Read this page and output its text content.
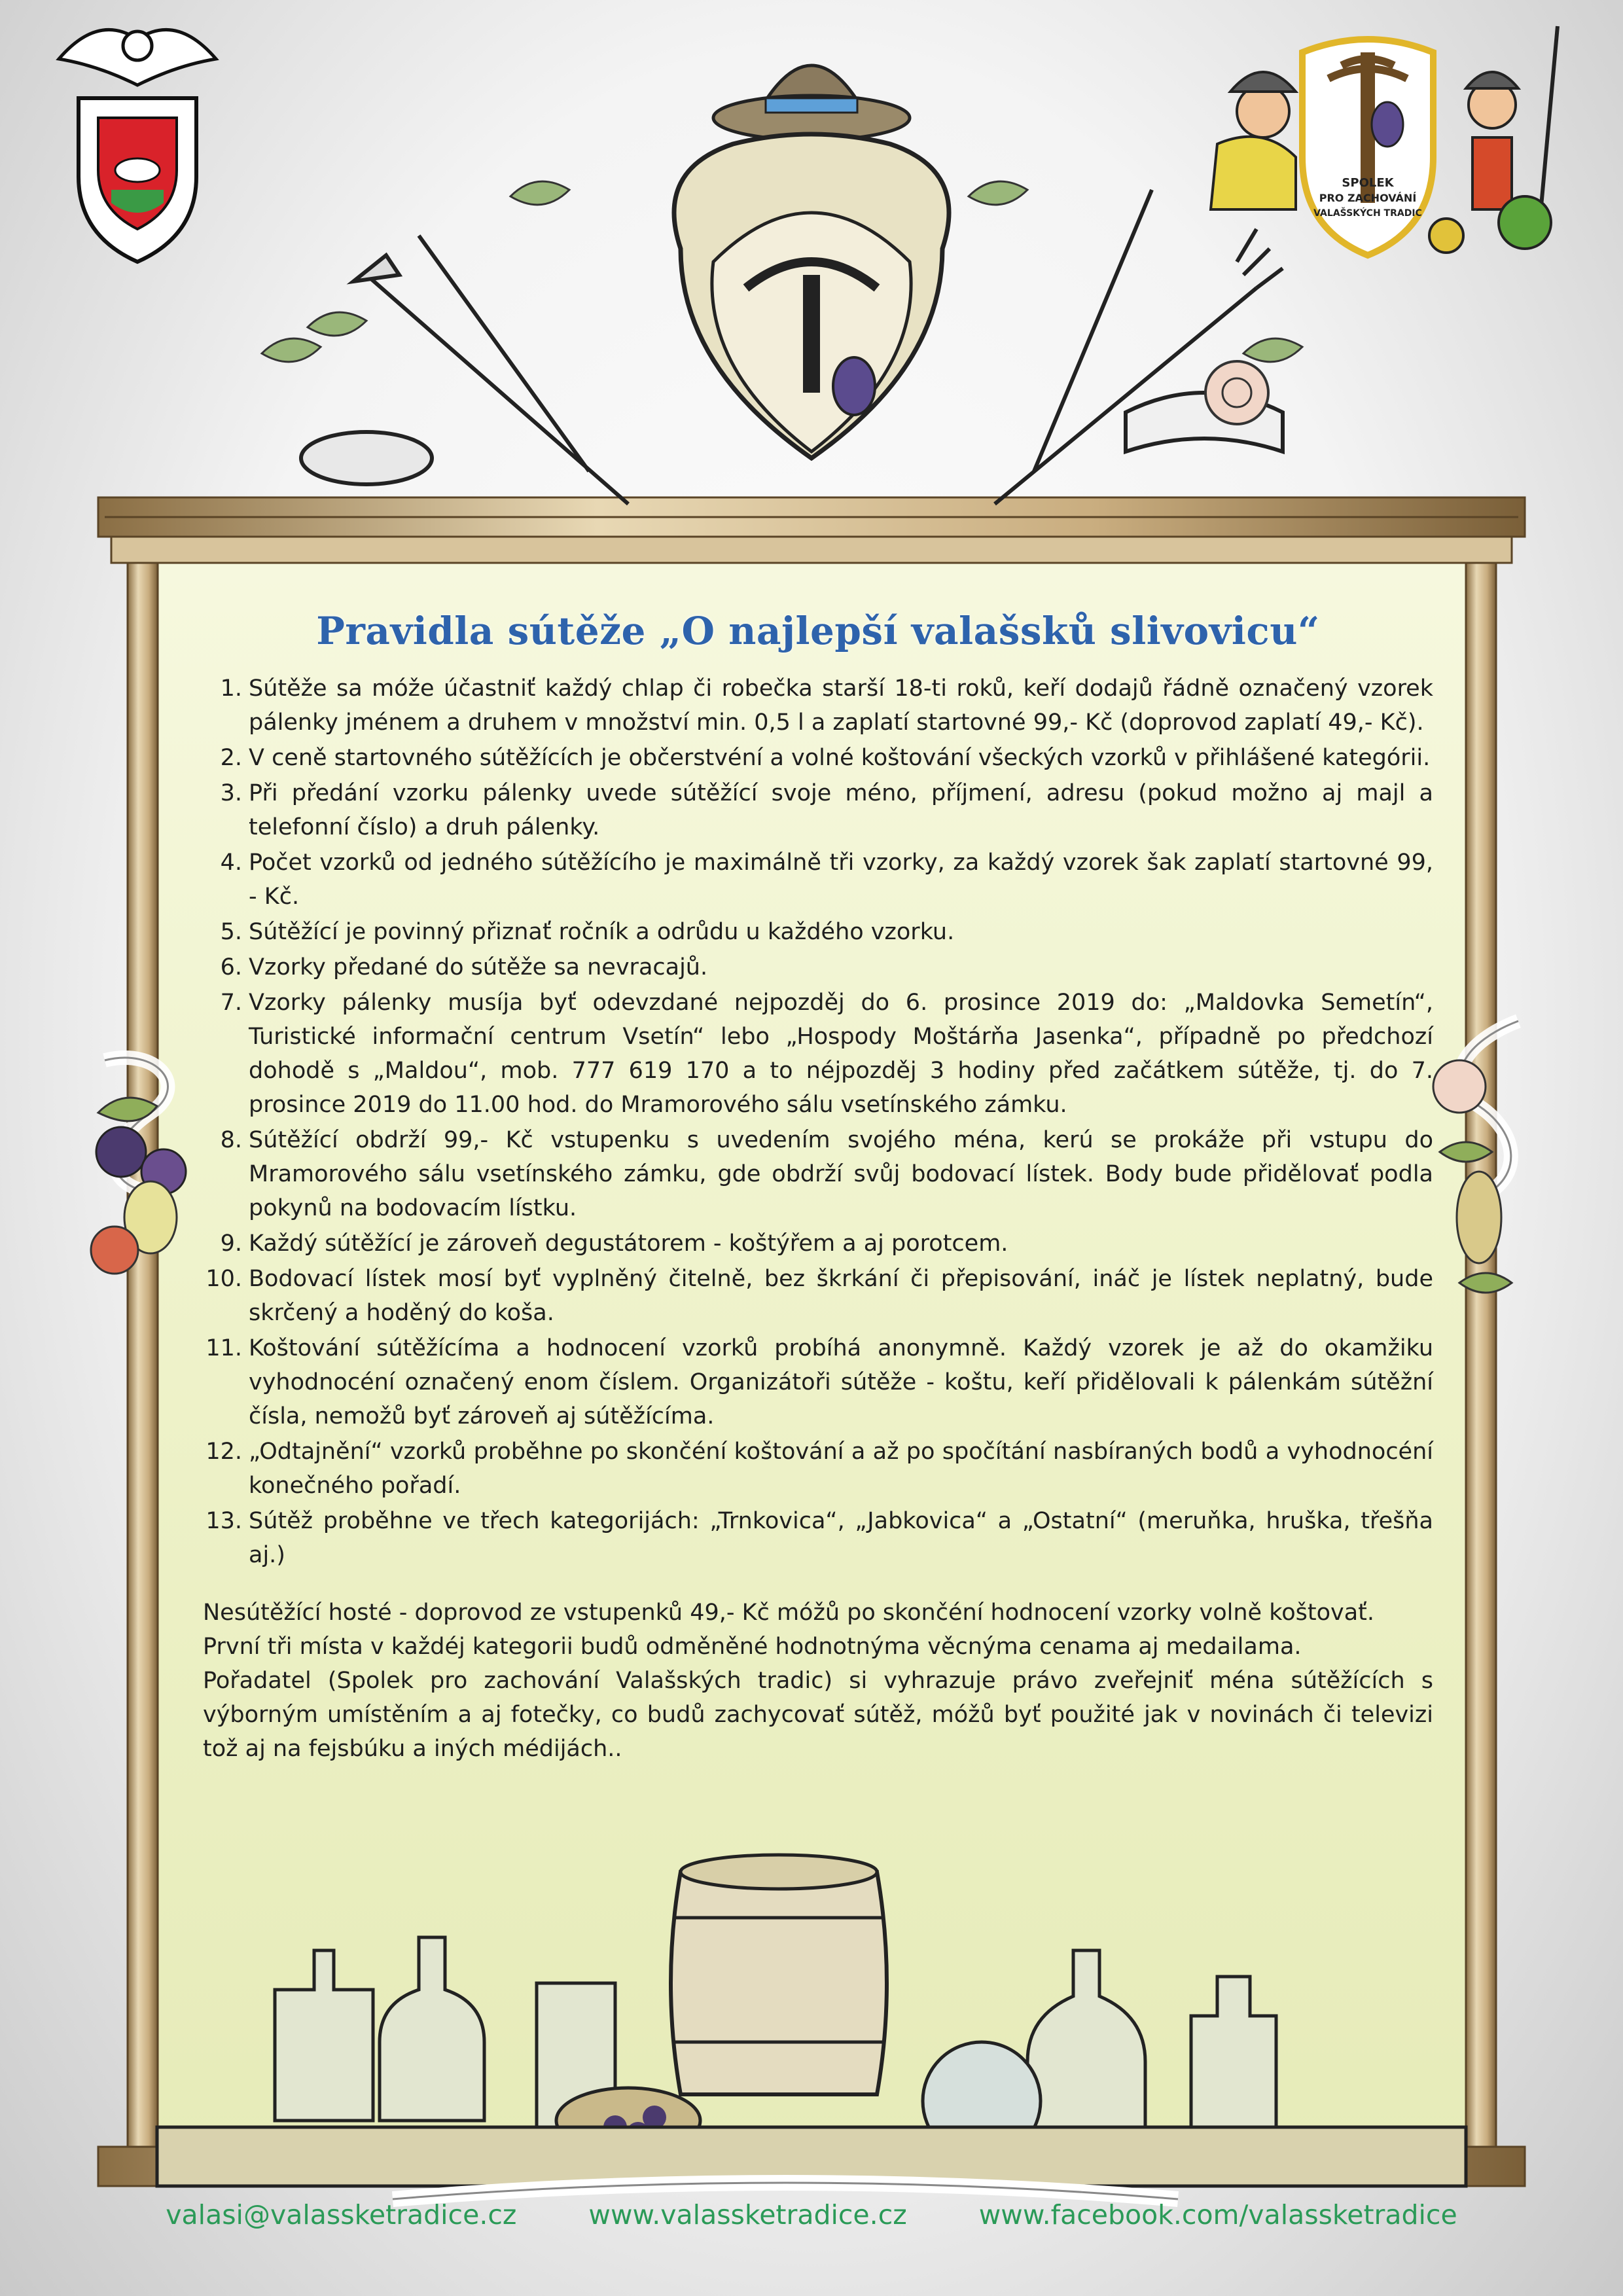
SPOLEK
PRO ZACHOVÁNÍ
VALAŠSKÝCH TRADIC
Pravidla sútěže „O najlepší valašsků slivovicu“
1. Sútěže sa móže účastniť každý chlap či robečka starší 18-ti roků, keří dodajů řádně označený vzorek pálenky jménem a druhem v množství min. 0,5 l a zaplatí startovné 99,- Kč (doprovod zaplatí 49,- Kč).
2. V ceně startovného sútěžících je občerstvéní a volné koštování všeckých vzorků v přihlášené kategórii.
3. Při předání vzorku pálenky uvede sútěžící svoje méno, příjmení, adresu (pokud možno aj majl a telefonní číslo) a druh pálenky.
4. Počet vzorků od jedného sútěžícího je maximálně tři vzorky, za každý vzorek šak zaplatí startovné 99, - Kč.
5. Sútěžící je povinný přiznať ročník a odrůdu u každého vzorku.
6. Vzorky předané do sútěže sa nevracajů.
7. Vzorky pálenky musíja byť odevzdané nejpozděj do 6. prosince 2019 do: „Maldovka Semetín“, Turistické informační centrum Vsetín“ lebo „Hospody Moštárňa Jasenka“, případně po předchozí dohodě s „Maldou“, mob. 777 619 170 a to néjpozděj 3 hodiny před začátkem sútěže, tj. do 7. prosince 2019 do 11.00 hod. do Mramorového sálu vsetínského zámku.
8. Sútěžící obdrží 99,- Kč vstupenku s uvedením svojého ména, kerú se prokáže při vstupu do Mramorového sálu vsetínského zámku, gde obdrží svůj bodovací lístek. Body bude přidělovať podla pokynů na bodovacím lístku.
9. Každý sútěžící je zároveň degustátorem - koštýřem a aj porotcem.
10. Bodovací lístek mosí byť vyplněný čitelně, bez škrkání či přepisování, ináč je lístek neplatný, bude skrčený a hoděný do koša.
11. Koštování sútěžícíma a hodnocení vzorků probíhá anonymně. Každý vzorek je až do okamžiku vyhodnocéní označený enom číslem. Organizátoři sútěže - koštu, keří přidělovali k pálenkám sútěžní čísla, nemožů byť zároveň aj sútěžícíma.
12. „Odtajnění“ vzorků proběhne po skončéní koštování a až po spočítání nasbíraných bodů a vyhodnocéní konečného pořadí.
13. Sútěž proběhne ve třech kategorijách: „Trnkovica“, „Jabkovica“ a „Ostatní“ (meruňka, hruška, třešňa aj.)

Nesútěžící hosté - doprovod ze vstupenků 49,- Kč móžů po skončéní hodnocení vzorky volně koštovať.

První tři místa v každéj kategorii budů odměněné hodnotnýma věcnýma cenama aj medailama.

Pořadatel (Spolek pro zachování Valašských tradic) si vyhrazuje právo zveřejniť ména sútěžících s výborným umístěním a aj fotečky, co budů zachycovať sútěž, móžů byť použité jak v novinách či televizi tož aj na fejsbúku a iných médijách..

valasi@valassketradice.cz	www.valassketradice.cz	www.facebook.com/valassketradice
